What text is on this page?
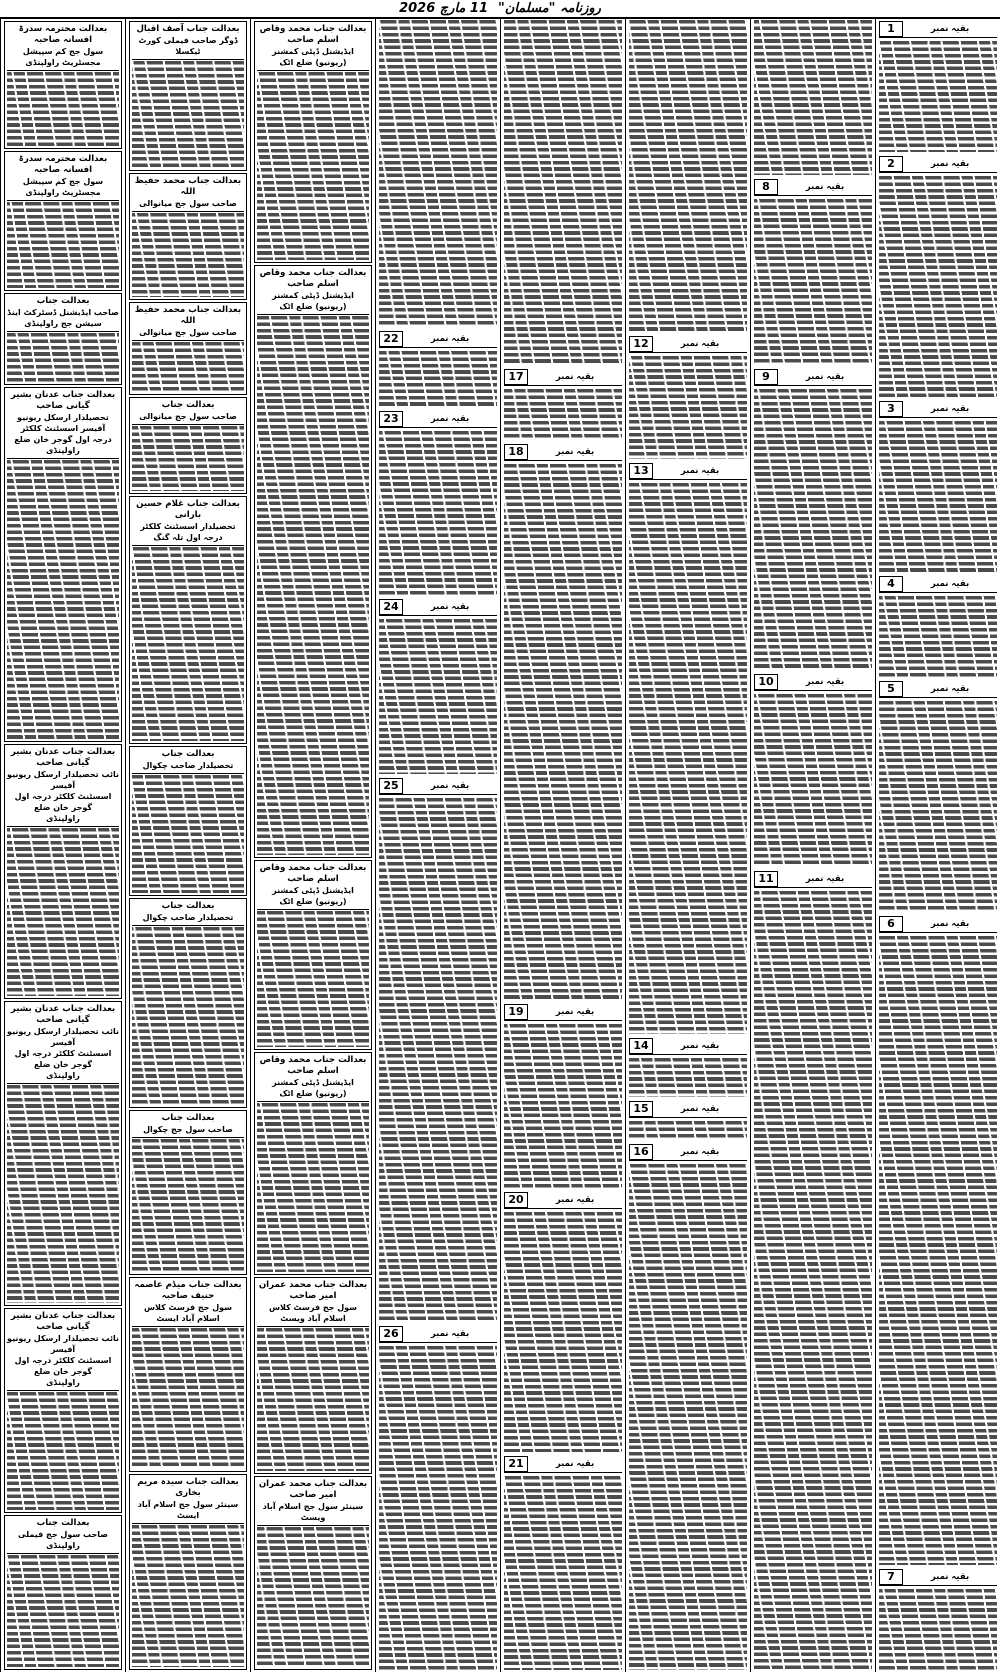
روزنامہ "مسلمان"
11 مارچ 2026
بقیہ نمبر
1
بقیہ نمبر
2
بقیہ نمبر
3
بقیہ نمبر
4
بقیہ نمبر
5
بقیہ نمبر
6
بقیہ نمبر
7
بقیہ نمبر
8
بقیہ نمبر
9
بقیہ نمبر
10
بقیہ نمبر
11
بقیہ نمبر
12
بقیہ نمبر
13
بقیہ نمبر
14
بقیہ نمبر
15
بقیہ نمبر
16
بقیہ نمبر
17
بقیہ نمبر
18
بقیہ نمبر
19
بقیہ نمبر
20
بقیہ نمبر
21
بقیہ نمبر
22
بقیہ نمبر
23
بقیہ نمبر
24
بقیہ نمبر
25
بقیہ نمبر
26
بعدالت جناب محمد وقاص اسلم صاحب
ایڈیشنل ڈپٹی کمشنر (ریونیو) ضلع اٹک
بعدالت جناب محمد وقاص اسلم صاحب
ایڈیشنل ڈپٹی کمشنر (ریونیو) ضلع اٹک
بعدالت جناب محمد وقاص اسلم صاحب
ایڈیشنل ڈپٹی کمشنر (ریونیو) ضلع اٹک
بعدالت جناب محمد وقاص اسلم صاحب
ایڈیشنل ڈپٹی کمشنر (ریونیو) ضلع اٹک
بعدالت جناب محمد عمران امیر صاحب
سول جج فرسٹ کلاس اسلام آباد ویسٹ
بعدالت جناب محمد عمران امیر صاحب
سینئر سول جج اسلام آباد ویسٹ
بعدالت جناب آصف اقبال
ڈوگر صاحب فیملی کورٹ ٹیکسلا
بعدالت جناب محمد حفیظ اللہ
صاحب سول جج میانوالی
بعدالت جناب محمد حفیظ اللہ
صاحب سول جج میانوالی
بعدالت جناب
صاحب سول جج میانوالی
بعدالت جناب غلام حسین بارانی
تحصیلدار اسسٹنٹ کلکٹر درجہ اول تلہ گنگ
بعدالت جناب
تحصیلدار صاحب چکوال
بعدالت جناب
تحصیلدار صاحب چکوال
بعدالت جناب
صاحب سول جج چکوال
بعدالت جناب میڈم عاصمہ حنیف صاحبہ
سول جج فرسٹ کلاس اسلام آباد ایسٹ
بعدالت جناب سیدہ مریم بخاری
سینئر سول جج اسلام آباد ایسٹ
بعدالت محترمہ سدرۃ افسانہ صاحبہ
سول جج کم سپیشل مجسٹریٹ راولپنڈی
بعدالت محترمہ سدرۃ افسانہ صاحبہ
سول جج کم سپیشل مجسٹریٹ راولپنڈی
بعدالت جناب
صاحب ایڈیشنل ڈسٹرکٹ اینڈ سیشن جج راولپنڈی
بعدالت جناب عدنان بشیر گیانی صاحب
تحصیلدار ارسکل ریونیو آفیسر اسسٹنٹ کلکٹر
درجہ اول گوجر خان ضلع راولپنڈی
بعدالت جناب عدنان بشیر گیانی صاحب
نائب تحصیلدار ارسکل ریونیو آفیسر
اسسٹنٹ کلکٹر درجہ اول گوجر خان ضلع
راولپنڈی
بعدالت جناب عدنان بشیر گیانی صاحب
نائب تحصیلدار ارسکل ریونیو آفیسر
اسسٹنٹ کلکٹر درجہ اول گوجر خان ضلع
راولپنڈی
بعدالت جناب عدنان بشیر گیانی صاحب
نائب تحصیلدار ارسکل ریونیو آفیسر
اسسٹنٹ کلکٹر درجہ اول گوجر خان ضلع
راولپنڈی
بعدالت جناب
صاحب سول جج فیملی راولپنڈی
